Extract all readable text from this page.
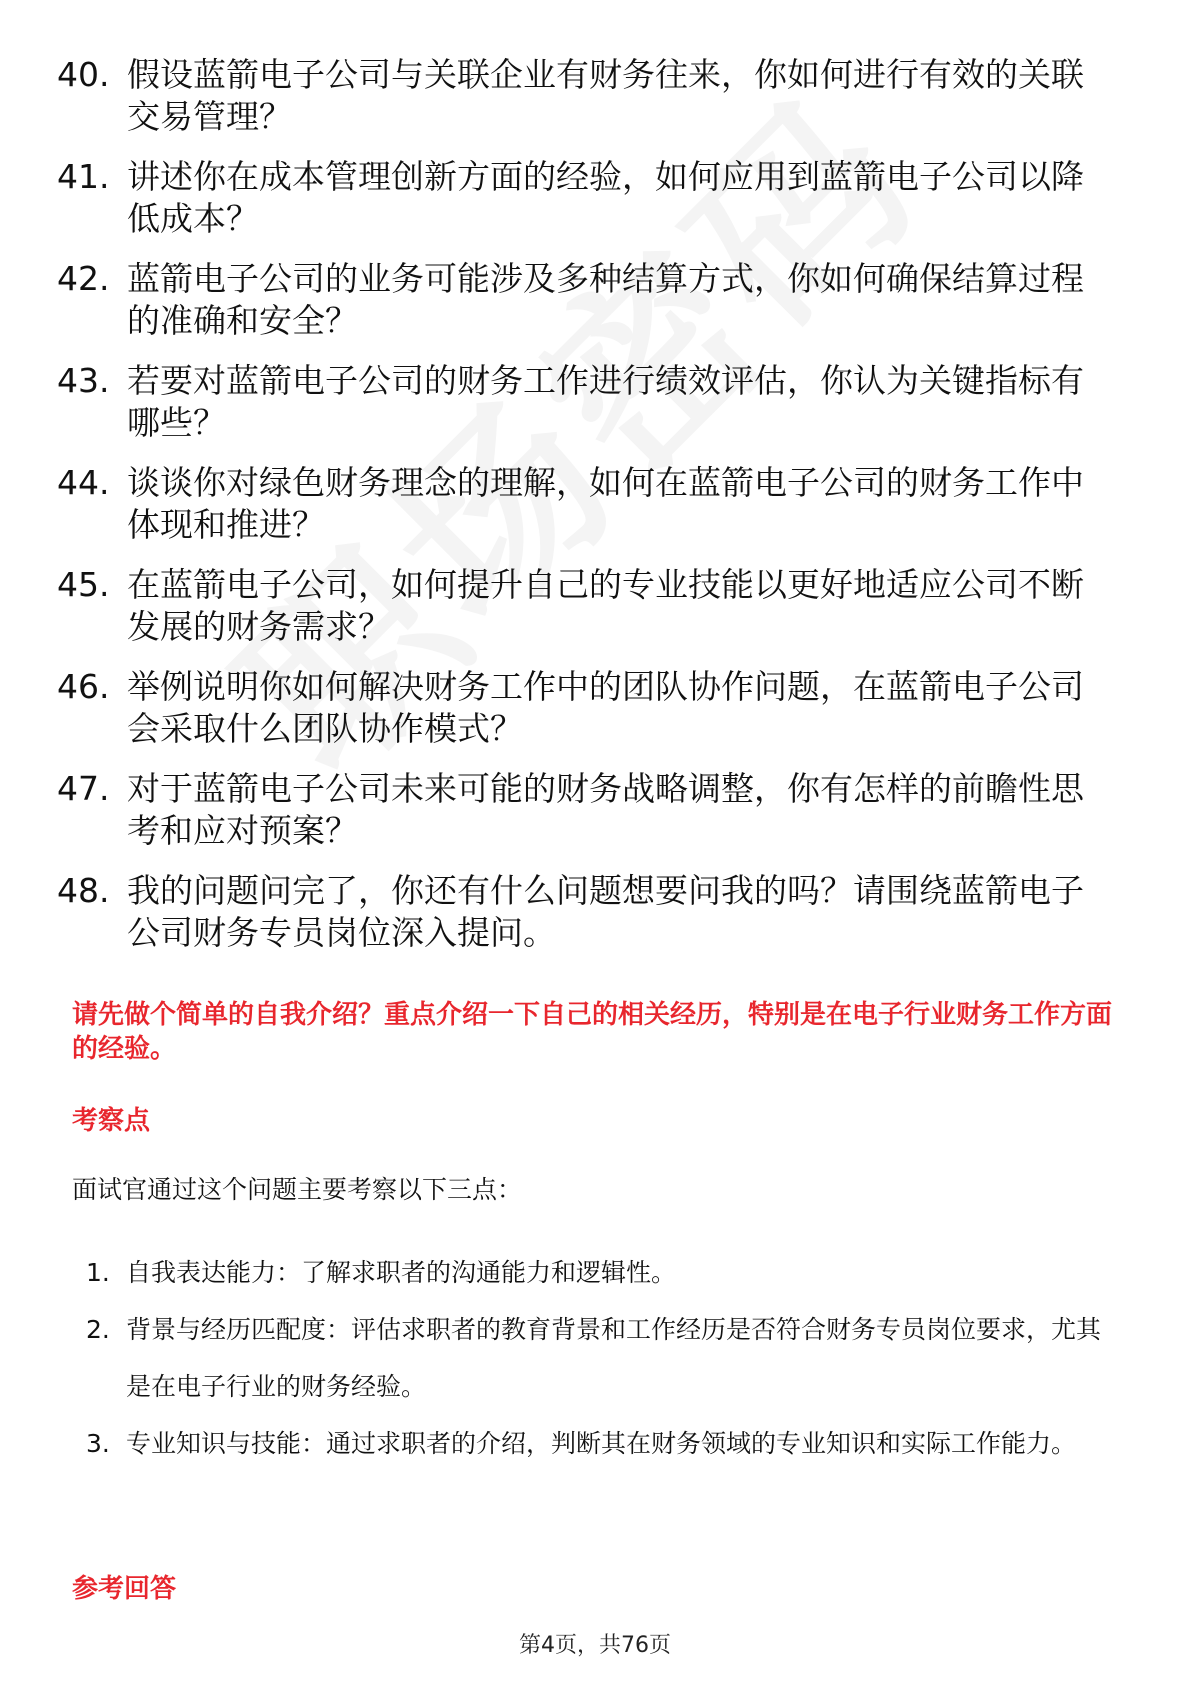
40. 假设蓝箭电子公司与关联企业有财务往来，你如何进行有效的关联交易管理？
41. 讲述你在成本管理创新方面的经验，如何应用到蓝箭电子公司以降低成本？
42. 蓝箭电子公司的业务可能涉及多种结算方式，你如何确保结算过程的准确和安全？
43. 若要对蓝箭电子公司的财务工作进行绩效评估，你认为关键指标有哪些？
44. 谈谈你对绿色财务理念的理解，如何在蓝箭电子公司的财务工作中体现和推进？
45. 在蓝箭电子公司，如何提升自己的专业技能以更好地适应公司不断发展的财务需求？
46. 举例说明你如何解决财务工作中的团队协作问题，在蓝箭电子公司会采取什么团队协作模式？
47. 对于蓝箭电子公司未来可能的财务战略调整，你有怎样的前瞻性思考和应对预案？
48. 我的问题问完了，你还有什么问题想要问我的吗？请围绕蓝箭电子公司财务专员岗位深入提问。
请先做个简单的自我介绍？重点介绍一下自己的相关经历，特别是在电子行业财务工作方面的经验。
考察点
面试官通过这个问题主要考察以下三点：
1. 自我表达能力：了解求职者的沟通能力和逻辑性。
2. 背景与经历匹配度：评估求职者的教育背景和工作经历是否符合财务专员岗位要求，尤其是在电子行业的财务经验。
3. 专业知识与技能：通过求职者的介绍，判断其在财务领域的专业知识和实际工作能力。
参考回答
第4页，共76页
